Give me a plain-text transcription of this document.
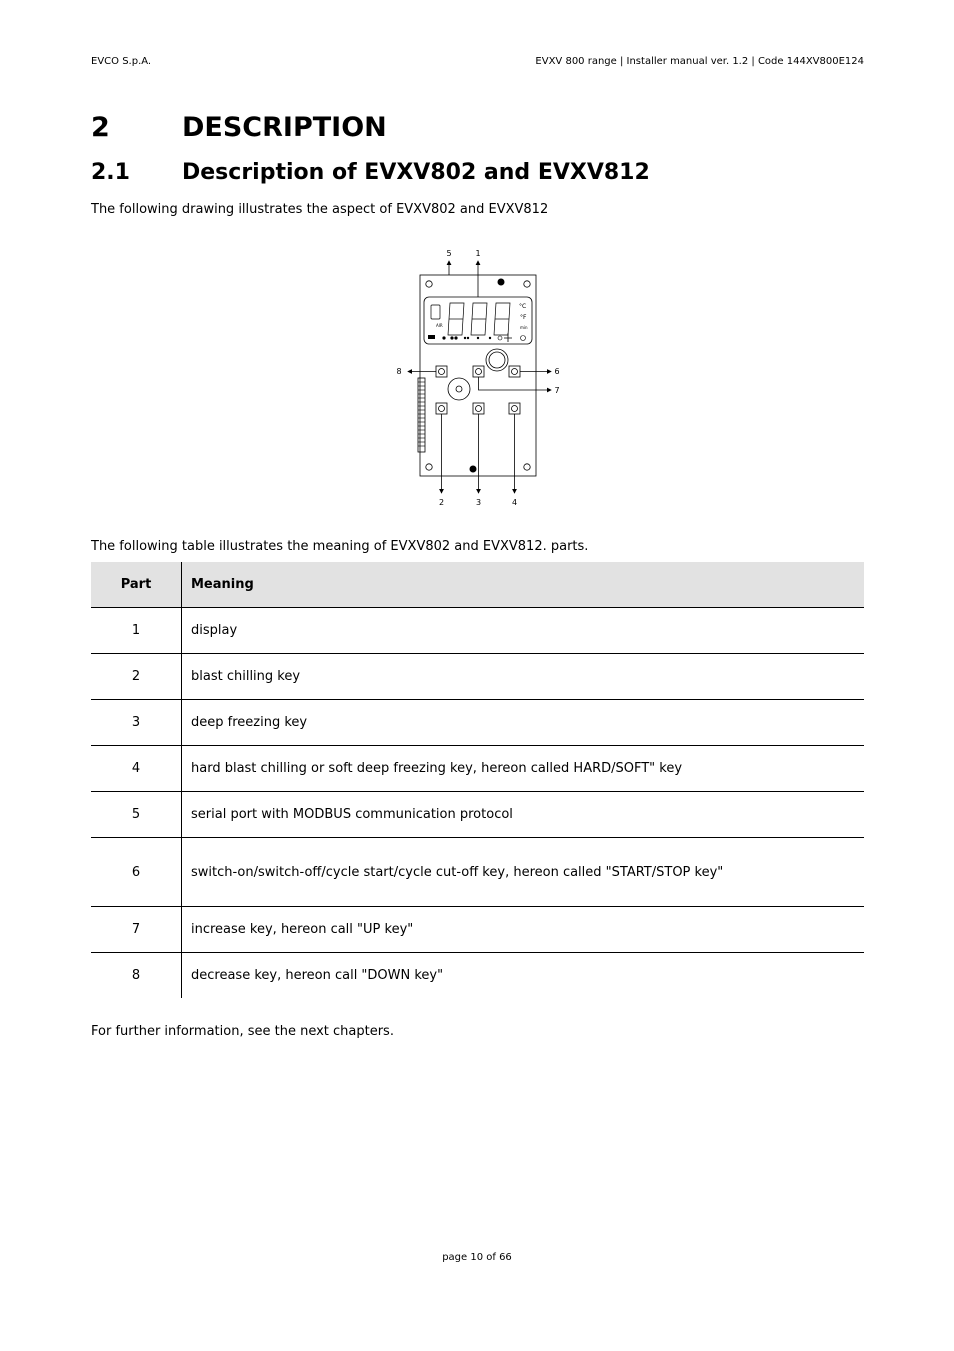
EVCO S.p.A.	EVXV 800 range | Installer manual ver. 1.2 | Code 144XV800E124
2	DESCRIPTION
2.1 Description of EVXV802 and EVXV812
The following drawing illustrates the aspect of EVXV802 and EVXV812
AIR
°C
°F
min
5	1
8	6
7
2	3	4
The following table illustrates the meaning of EVXV802 and EVXV812. parts.
Part	Meaning
1	display
2	blast chilling key
3	deep freezing key
4	hard blast chilling or soft deep freezing key, hereon called HARD/SOFT" key
5	serial port with MODBUS communication protocol
6	switch-on/switch-off/cycle start/cycle cut-off key, hereon called "START/STOP key"
7	increase key, hereon call "UP key"
8	decrease key, hereon call "DOWN key"
For further information, see the next chapters.
page 10 of 66
